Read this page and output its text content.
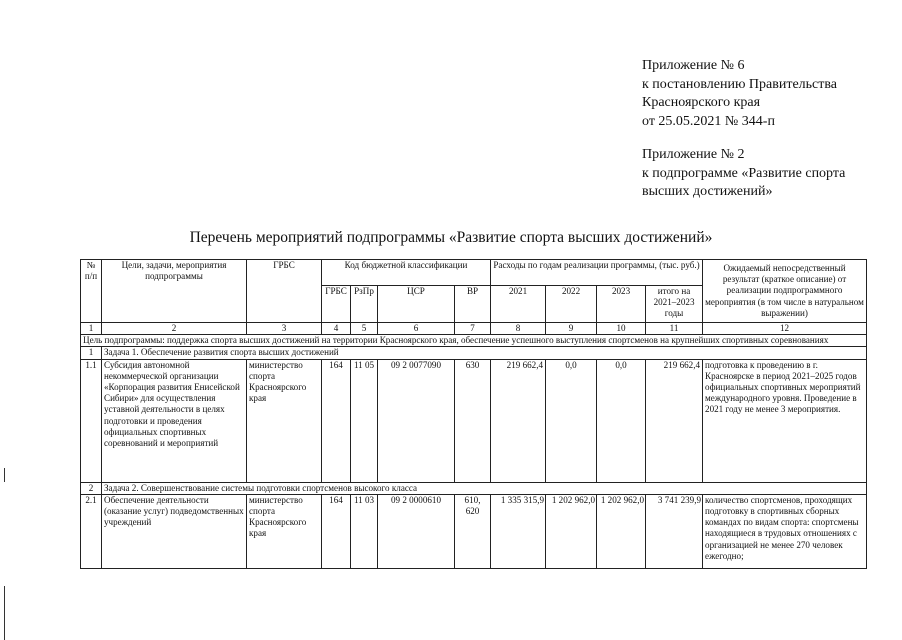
Приложение № 6
к постановлению Правительства
Красноярского края
от 25.05.2021 № 344-п
Приложение № 2
к подпрограмме «Развитие спорта
высших достижений»
Перечень мероприятий подпрограммы «Развитие спорта высших достижений»
№ п/п	Цели, задачи, мероприятия подпрограммы	ГРБС	Код бюджетной классификации				Расходы по годам реализации программы, (тыс. руб.)				Ожидаемый непосредственный результат (краткое описание) от реализации подпрограммного мероприятия (в том числе в натуральном выражении)
			ГРБС	РзПр	ЦСР	ВР	2021	2022	2023	итого на 2021–2023 годы	
1	2	3	4	5	6	7	8	9	10	11	12
Цель подпрограммы: поддержка спорта высших достижений на территории Красноярского края, обеспечение успешного выступления спортсменов на крупнейших спортивных соревнованиях											
1	Задача 1. Обеспечение развития спорта высших достижений										
1.1	Субсидия автономной некоммерческой организации «Корпорация развития Енисейской Сибири» для осуществления уставной деятельности в целях подготовки и проведения официальных спортивных соревнований и мероприятий	министерство спорта Красноярского края	164	11 05	09 2 0077090	630	219 662,4	0,0	0,0	219 662,4	подготовка к проведению в г. Красноярске в период 2021–2025 годов официальных спортивных мероприятий международного уровня. Проведение в 2021 году не менее 3 мероприятия.
2	Задача 2. Совершенствование системы подготовки спортсменов высокого класса										
2.1	Обеспечение деятельности (оказание услуг) подведомственных учреждений	министерство спорта Красноярского края	164	11 03	09 2 0000610	610, 620	1 335 315,9	1 202 962,0	1 202 962,0	3 741 239,9	количество спортсменов, проходящих подготовку в спортивных сборных командах по видам спорта: спортсмены находящиеся в трудовых отношениях с организацией не менее 270 человек ежегодно;
